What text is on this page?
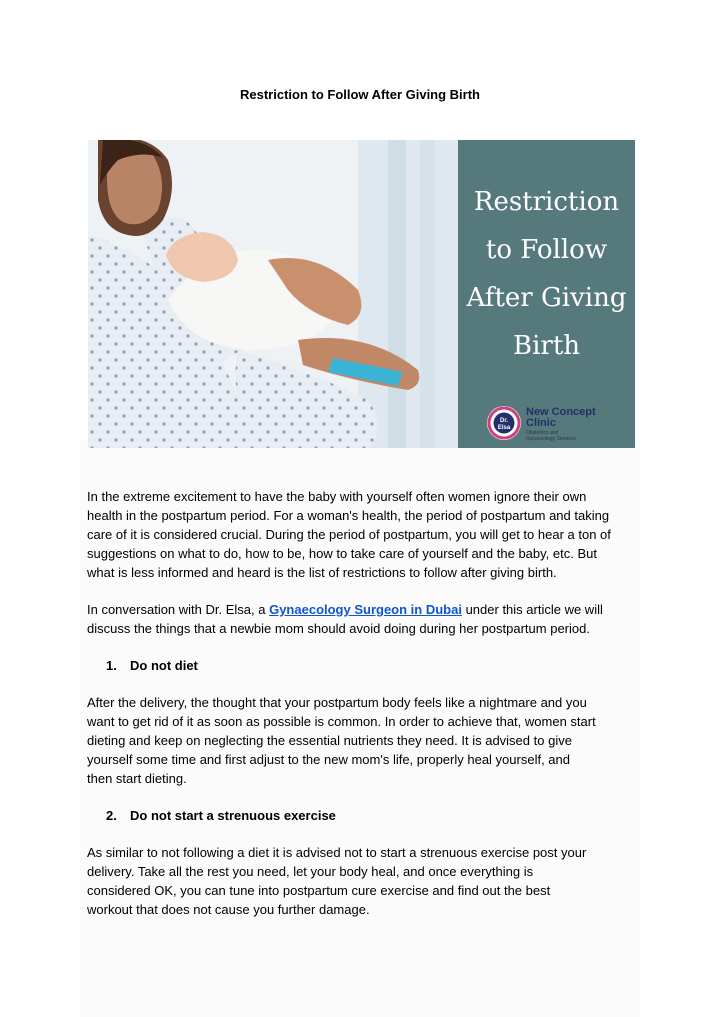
Restriction to Follow After Giving Birth
Restriction
to Follow
After Giving
Birth
Dr.
Elsa
New Concept
Clinic
Obstetrics and
Gynaecology Services

In the extreme excitement to have the baby with yourself often women ignore their own
health in the postpartum period. For a woman's health, the period of postpartum and taking
care of it is considered crucial. During the period of postpartum, you will get to hear a ton of
suggestions on what to do, how to be, how to take care of yourself and the baby, etc. But
what is less informed and heard is the list of restrictions to follow after giving birth.

In conversation with Dr. Elsa, a Gynaecology Surgeon in Dubai under this article we will
discuss the things that a newbie mom should avoid doing during her postpartum period.

1. Do not diet

After the delivery, the thought that your postpartum body feels like a nightmare and you
want to get rid of it as soon as possible is common. In order to achieve that, women start
dieting and keep on neglecting the essential nutrients they need. It is advised to give
yourself some time and first adjust to the new mom's life, properly heal yourself, and
then start dieting.

2. Do not start a strenuous exercise

As similar to not following a diet it is advised not to start a strenuous exercise post your
delivery. Take all the rest you need, let your body heal, and once everything is
considered OK, you can tune into postpartum cure exercise and find out the best
workout that does not cause you further damage.
